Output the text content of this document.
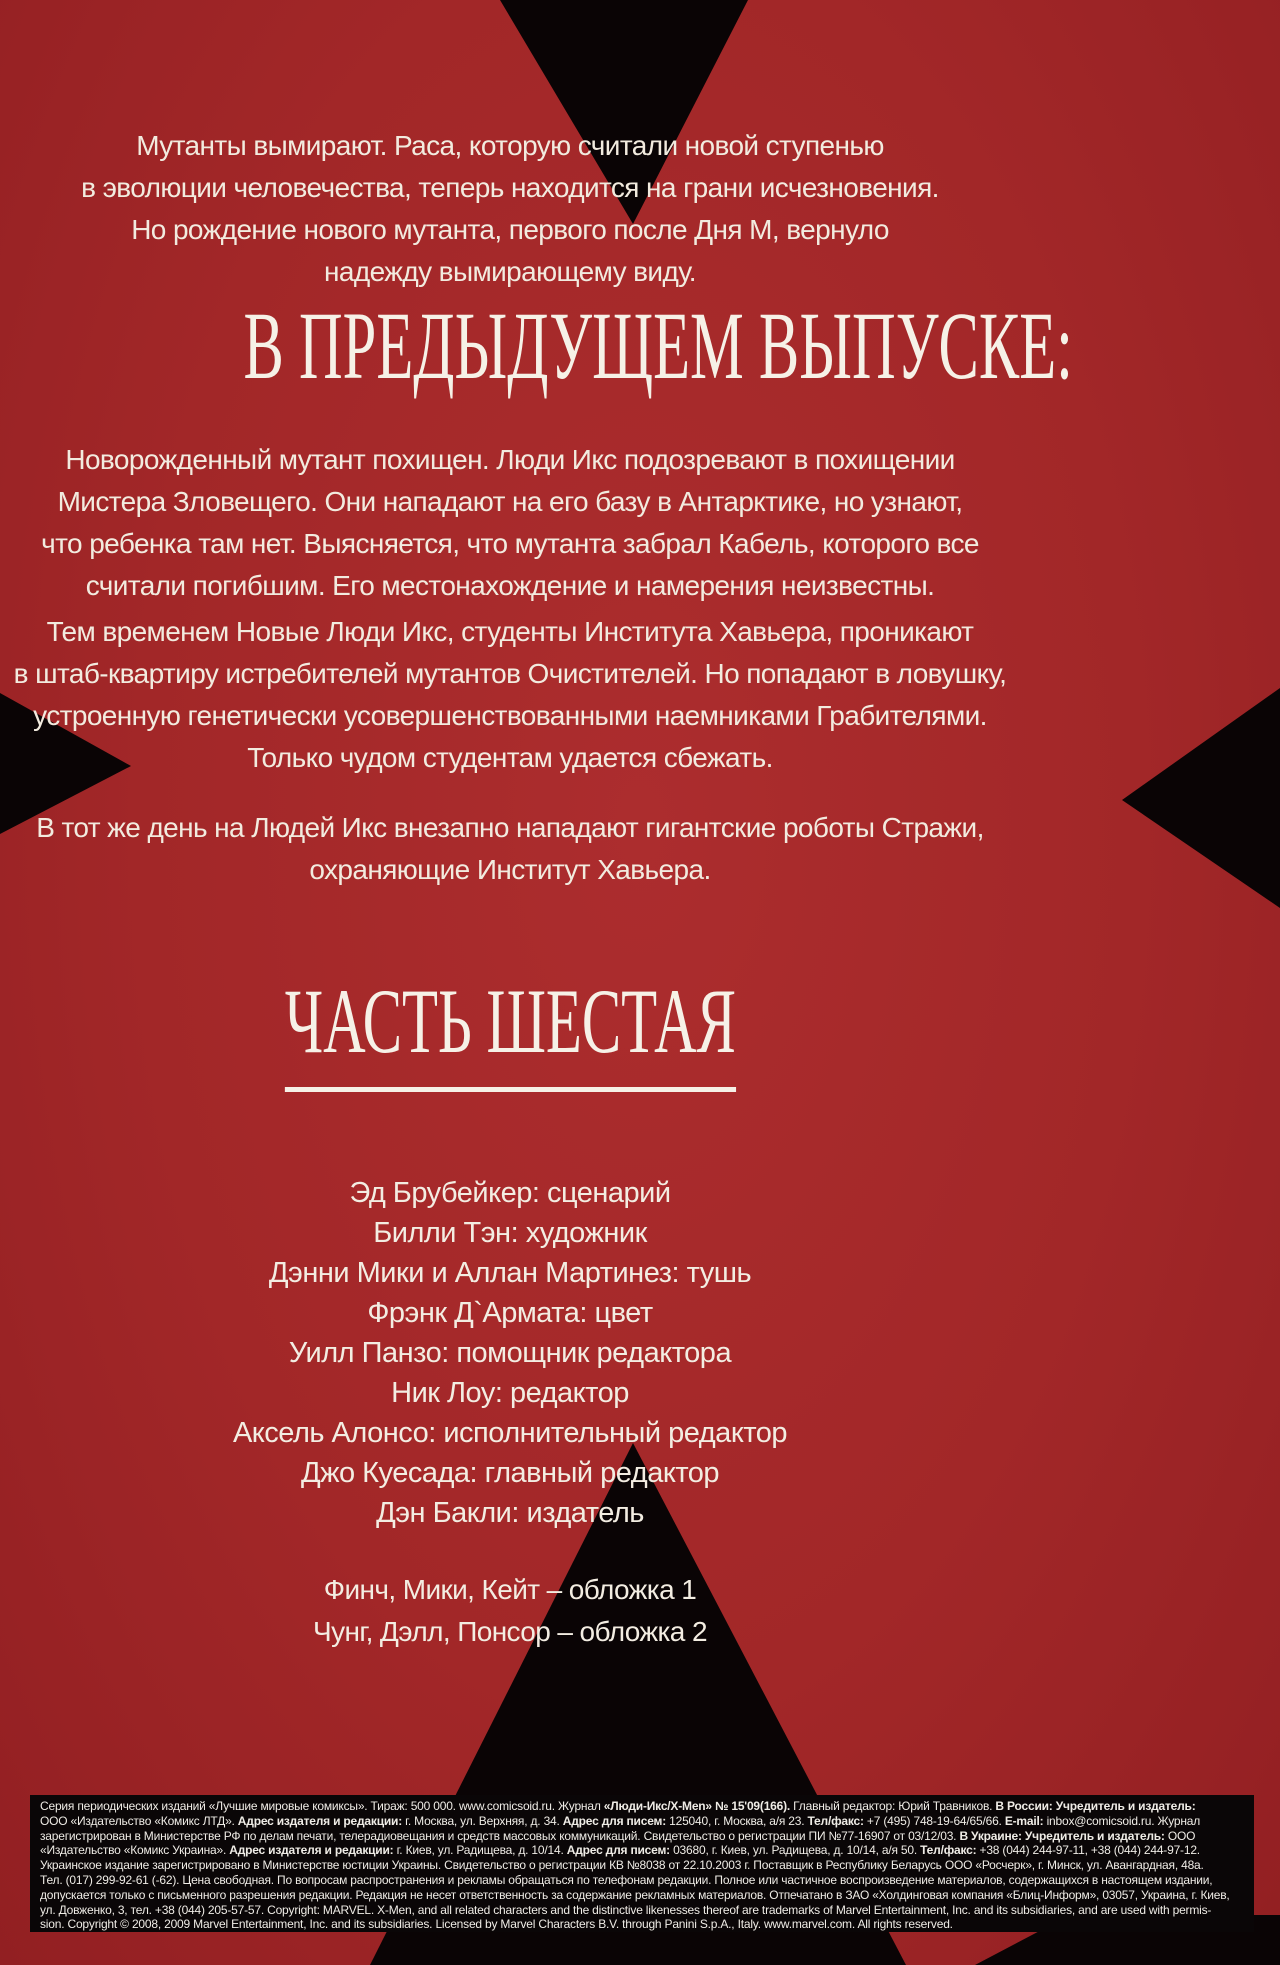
Мутанты вымирают. Раса, которую считали новой ступенью
в эволюции человечества, теперь находится на грани исчезновения.
Но рождение нового мутанта, первого после Дня М, вернуло
надежду вымирающему виду.
В ПРЕДЫДУЩЕМ ВЫПУСКЕ:
Новорожденный мутант похищен. Люди Икс подозревают в похищении
Мистера Зловещего. Они нападают на его базу в Антарктике, но узнают,
что ребенка там нет. Выясняется, что мутанта забрал Кабель, которого все
считали погибшим. Его местонахождение и намерения неизвестны.
Тем временем Новые Люди Икс, студенты Института Хавьера, проникают
в штаб-квартиру истребителей мутантов Очистителей. Но попадают в ловушку,
устроенную генетически усовершенствованными наемниками Грабителями.
Только чудом студентам удается сбежать.
В тот же день на Людей Икс внезапно нападают гигантские роботы Стражи,
охраняющие Институт Хавьера.
ЧАСТЬ ШЕСТАЯ
Эд Брубейкер: сценарий
Билли Тэн: художник
Дэнни Мики и Аллан Мартинез: тушь
Фрэнк Д`Армата: цвет
Уилл Панзо: помощник редактора
Ник Лоу: редактор
Аксель Алонсо: исполнительный редактор
Джо Куесада: главный редактор
Дэн Бакли: издатель
Финч, Мики, Кейт – обложка 1
Чунг, Дэлл, Понсор – обложка 2
Серия периодических изданий «Лучшие мировые комиксы». Тираж: 500 000. www.comicsoid.ru. Журнал «Люди-Икс/X-Men» № 15'09(166). Главный редактор: Юрий Травников. В России: Учредитель и издатель:
ООО «Издательство «Комикс ЛТД». Адрес издателя и редакции: г. Москва, ул. Верхняя, д. 34. Адрес для писем: 125040, г. Москва, а/я 23. Тел/факс: +7 (495) 748-19-64/65/66. E-mail: inbox@comicsoid.ru. Журнал
зарегистрирован в Министерстве РФ по делам печати, телерадиовещания и средств массовых коммуникаций. Свидетельство о регистрации ПИ №77-16907 от 03/12/03. В Украине: Учредитель и издатель: ООО
«Издательство «Комикс Украина». Адрес издателя и редакции: г. Киев, ул. Радищева, д. 10/14. Адрес для писем: 03680, г. Киев, ул. Радищева, д. 10/14, а/я 50. Тел/факс: +38 (044) 244-97-11, +38 (044) 244-97-12.
Украинское издание зарегистрировано в Министерстве юстиции Украины. Свидетельство о регистрации КВ №8038 от 22.10.2003 г. Поставщик в Республику Беларусь ООО «Росчерк», г. Минск, ул. Авангардная, 48а.
Тел. (017) 299-92-61 (-62). Цена свободная. По вопросам распространения и рекламы обращаться по телефонам редакции. Полное или частичное воспроизведение материалов, содержащихся в настоящем издании,
допускается только с письменного разрешения редакции. Редакция не несет ответственность за содержание рекламных материалов. Отпечатано в ЗАО «Холдинговая компания «Блиц-Информ», 03057, Украина, г. Киев,
ул. Довженко, 3, тел. +38 (044) 205-57-57. Copyright: MARVEL. X-Men, and all related characters and the distinctive likenesses thereof are trademarks of Marvel Entertainment, Inc. and its subsidiaries, and are used with permis-
sion. Copyright © 2008, 2009 Marvel Entertainment, Inc. and its subsidiaries. Licensed by Marvel Characters B.V. through Panini S.p.A., Italy. www.marvel.com. All rights reserved.
